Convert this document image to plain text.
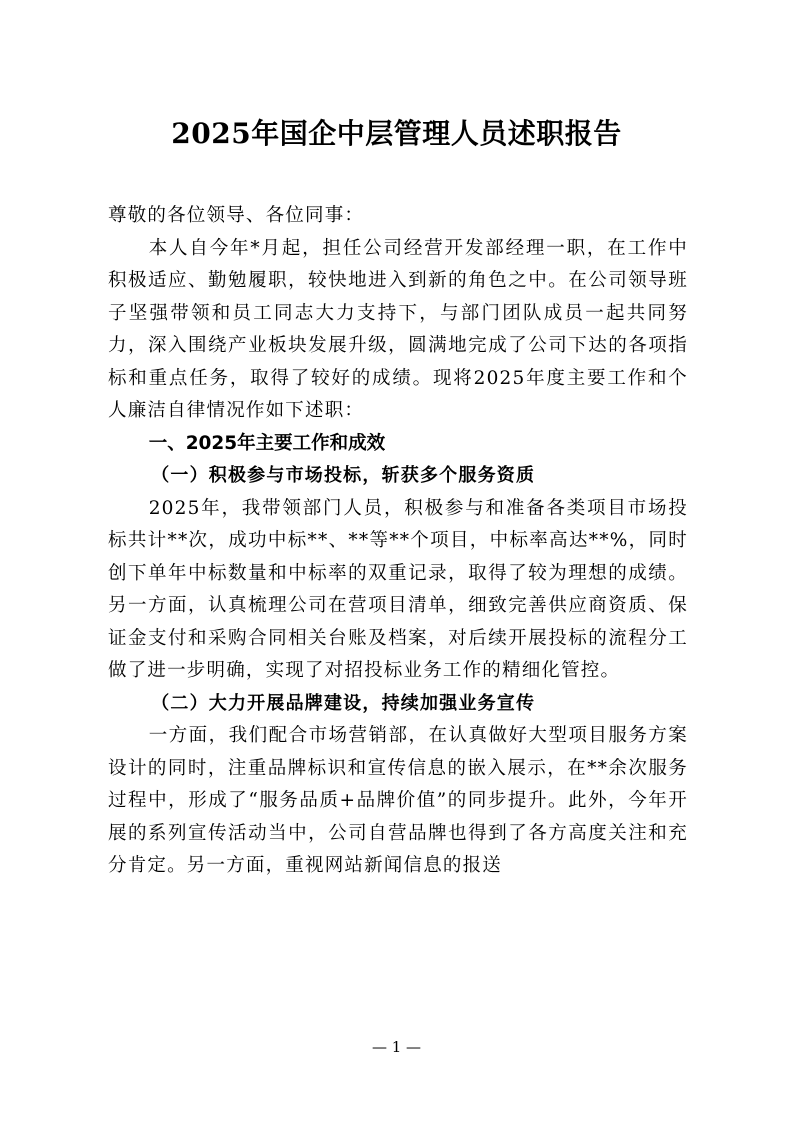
2025年国企中层管理人员述职报告

尊敬的各位领导、各位同事：

本人自今年*月起，担任公司经营开发部经理一职，在工作中积极适应、勤勉履职，较快地进入到新的角色之中。在公司领导班子坚强带领和员工同志大力支持下，与部门团队成员一起共同努力，深入围绕产业板块发展升级，圆满地完成了公司下达的各项指标和重点任务，取得了较好的成绩。现将2025年度主要工作和个人廉洁自律情况作如下述职：

一、2025年主要工作和成效

（一）积极参与市场投标，斩获多个服务资质

2025年，我带领部门人员，积极参与和准备各类项目市场投标共计**次，成功中标**、**等**个项目，中标率高达**%，同时创下单年中标数量和中标率的双重记录，取得了较为理想的成绩。另一方面，认真梳理公司在营项目清单，细致完善供应商资质、保证金支付和采购合同相关台账及档案，对后续开展投标的流程分工做了进一步明确，实现了对招投标业务工作的精细化管控。

（二）大力开展品牌建设，持续加强业务宣传

一方面，我们配合市场营销部，在认真做好大型项目服务方案设计的同时，注重品牌标识和宣传信息的嵌入展示，在**余次服务过程中，形成了“服务品质+品牌价值”的同步提升。此外，今年开展的系列宣传活动当中，公司自营品牌也得到了各方高度关注和充分肯定。另一方面，重视网站新闻信息的报送

— 1 —
